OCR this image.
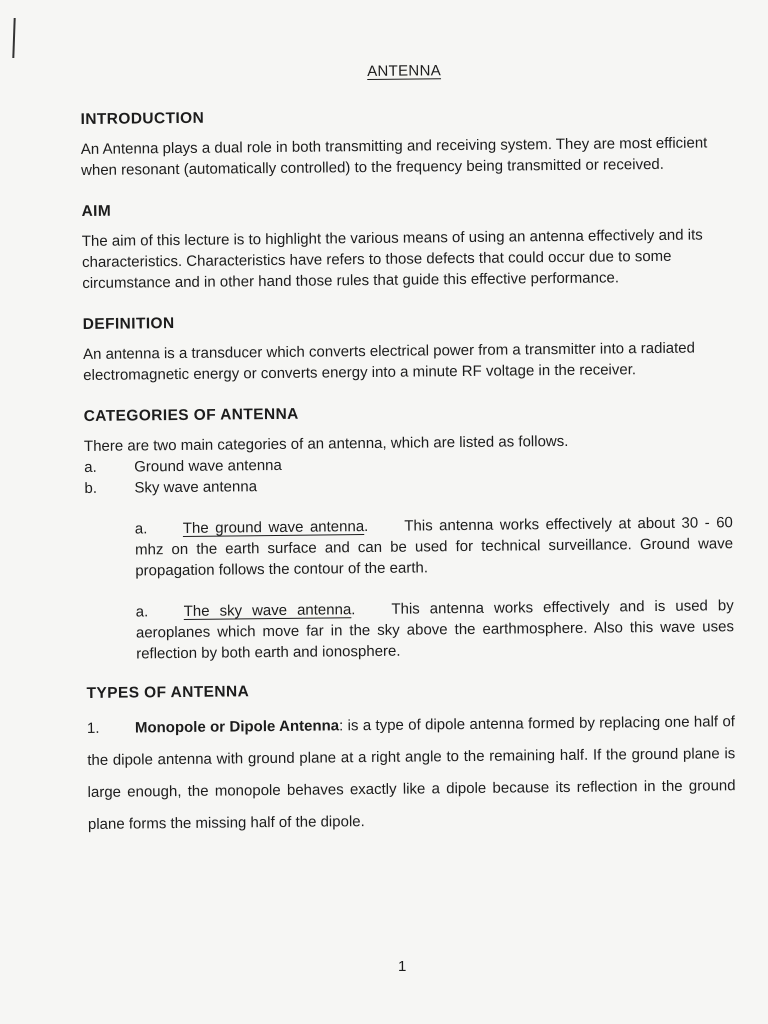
ANTENNA
INTRODUCTION

An Antenna plays a dual role in both transmitting and receiving system. They are most efficient when resonant (automatically controlled) to the frequency being transmitted or received.

AIM

The aim of this lecture is to highlight the various means of using an antenna effectively and its characteristics. Characteristics have refers to those defects that could occur due to some circumstance and in other hand those rules that guide this effective performance.

DEFINITION

An antenna is a transducer which converts electrical power from a transmitter into a radiated electromagnetic energy or converts energy into a minute RF voltage in the receiver.

CATEGORIES OF ANTENNA
There are two main categories of an antenna, which are listed as follows.
a.	Ground wave antenna
b.	Sky wave antenna
a. The ground wave antenna. This antenna works effectively at about 30 - 60 mhz on the earth surface and can be used for technical surveillance. Ground wave propagation follows the contour of the earth.
a. The sky wave antenna. This antenna works effectively and is used by aeroplanes which move far in the sky above the earthmosphere. Also this wave uses reflection by both earth and ionosphere.
TYPES OF ANTENNA

1. Monopole or Dipole Antenna: is a type of dipole antenna formed by replacing one half of the dipole antenna with ground plane at a right angle to the remaining half. If the ground plane is large enough, the monopole behaves exactly like a dipole because its reflection in the ground plane forms the missing half of the dipole.

1
